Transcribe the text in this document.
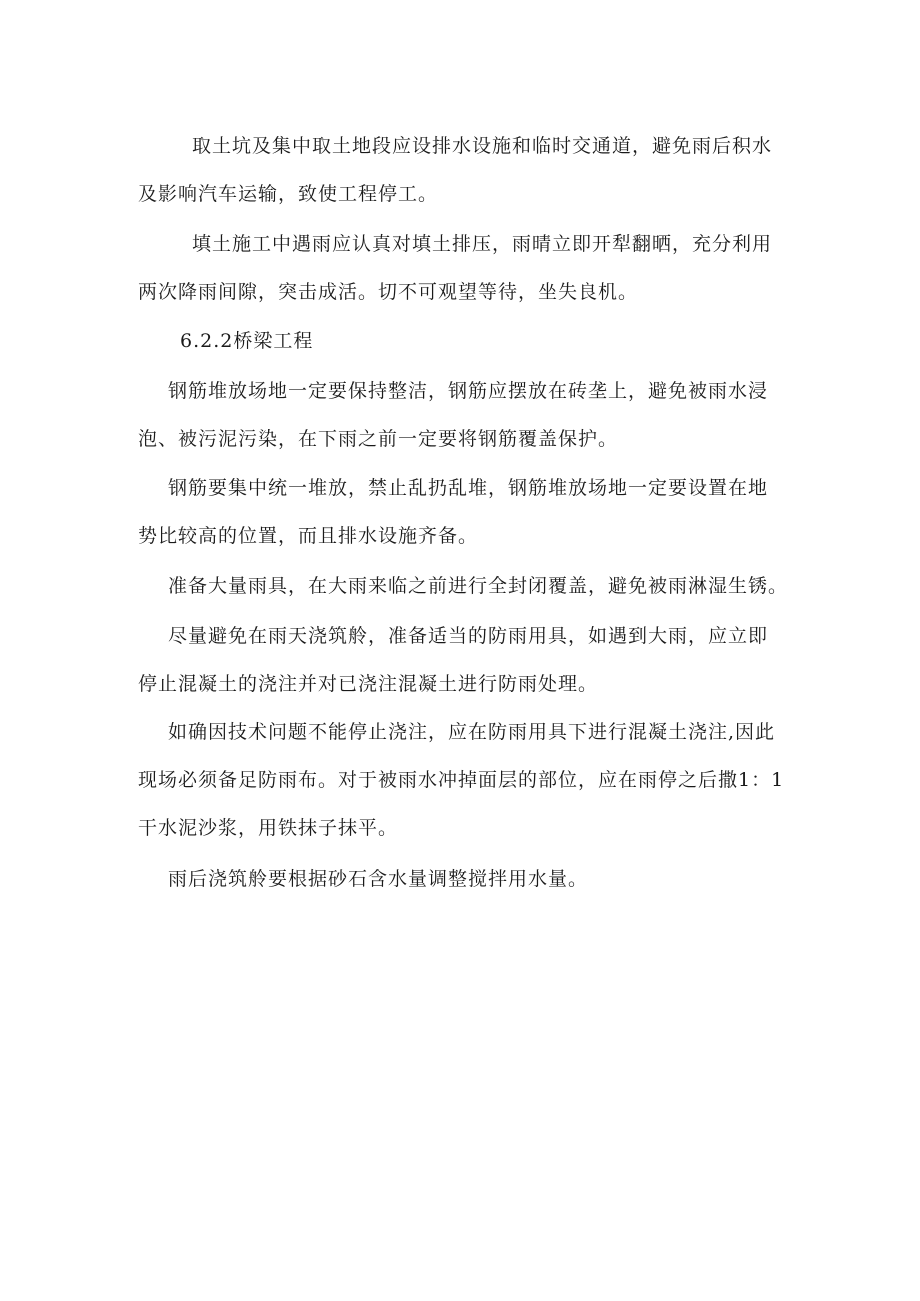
取土坑及集中取土地段应设排水设施和临时交通道，避免雨后积水
及影响汽车运输，致使工程停工。

填土施工中遇雨应认真对填土排压，雨晴立即开犁翻晒，充分利用
两次降雨间隙，突击成活。切不可观望等待，坐失良机。

6.2.2桥梁工程

钢筋堆放场地一定要保持整洁，钢筋应摆放在砖垄上，避免被雨水浸
泡、被污泥污染，在下雨之前一定要将钢筋覆盖保护。

钢筋要集中统一堆放，禁止乱扔乱堆，钢筋堆放场地一定要设置在地
势比较高的位置，而且排水设施齐备。

准备大量雨具，在大雨来临之前进行全封闭覆盖，避免被雨淋湿生锈。

尽量避免在雨天浇筑舲，准备适当的防雨用具，如遇到大雨，应立即
停止混凝土的浇注并对已浇注混凝土进行防雨处理。

如确因技术问题不能停止浇注，应在防雨用具下进行混凝土浇注,因此
现场必须备足防雨布。对于被雨水冲掉面层的部位，应在雨停之后撒1：1
干水泥沙浆，用铁抹子抹平。

雨后浇筑舲要根据砂石含水量调整搅拌用水量。
